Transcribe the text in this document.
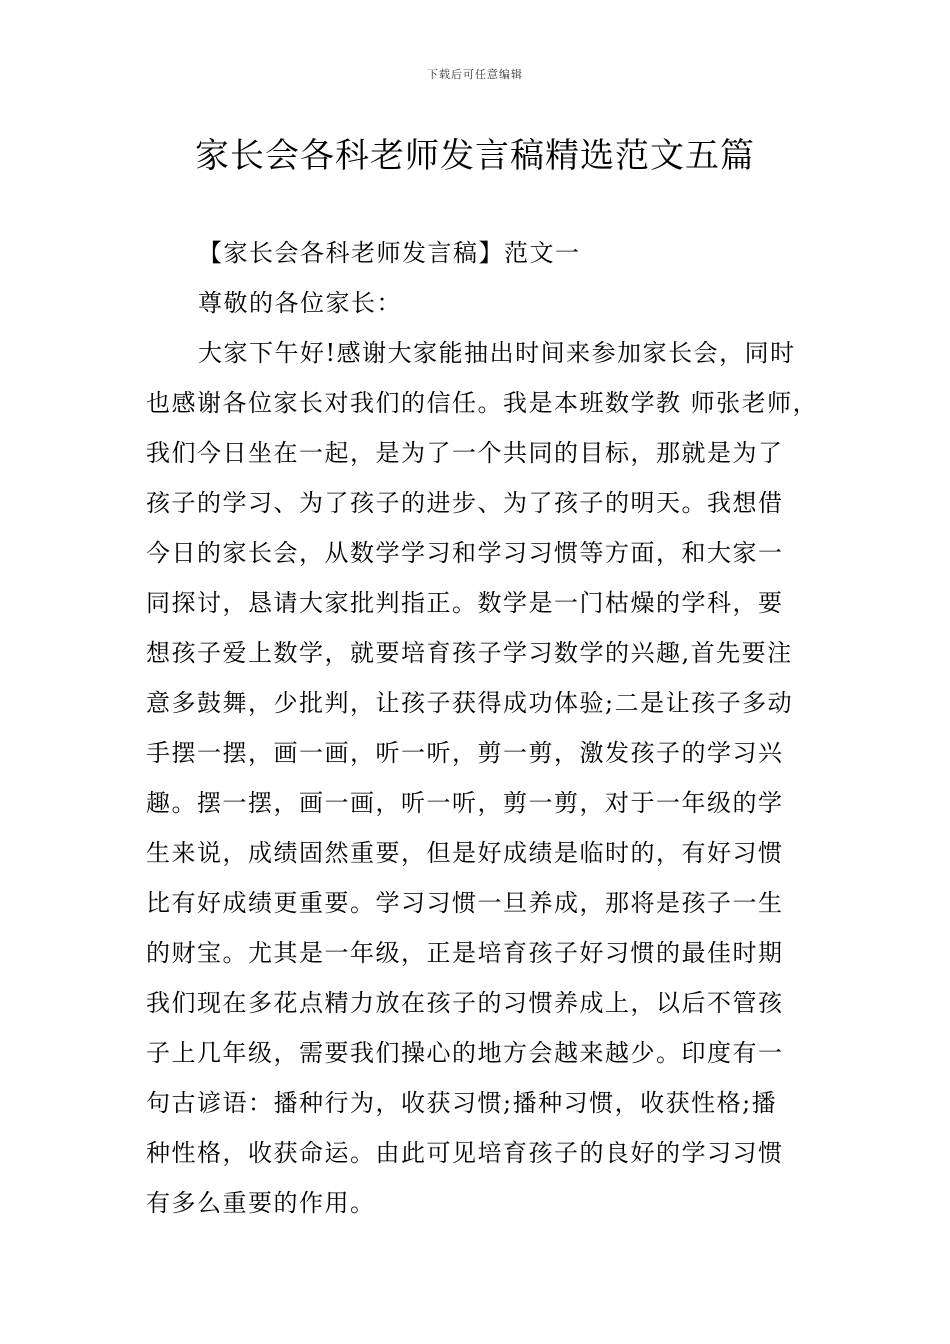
下载后可任意编辑
家长会各科老师发言稿精选范文五篇
【家长会各科老师发言稿】范文一
尊敬的各位家长：
大家下午好!感谢大家能抽出时间来参加家长会，同时
也感谢各位家长对我们的信任。我是本班数学教 师张老师，
我们今日坐在一起，是为了一个共同的目标，那就是为了
孩子的学习、为了孩子的进步、为了孩子的明天。我想借
今日的家长会，从数学学习和学习习惯等方面，和大家一
同探讨，恳请大家批判指正。数学是一门枯燥的学科，要
想孩子爱上数学，就要培育孩子学习数学的兴趣,首先要注
意多鼓舞，少批判，让孩子获得成功体验;二是让孩子多动
手摆一摆，画一画，听一听，剪一剪，激发孩子的学习兴
趣。摆一摆，画一画，听一听，剪一剪，对于一年级的学
生来说，成绩固然重要，但是好成绩是临时的，有好习惯
比有好成绩更重要。学习习惯一旦养成，那将是孩子一生
的财宝。尤其是一年级，正是培育孩子好习惯的最佳时期
我们现在多花点精力放在孩子的习惯养成上，以后不管孩
子上几年级，需要我们操心的地方会越来越少。印度有一
句古谚语：播种行为，收获习惯;播种习惯，收获性格;播
种性格，收获命运。由此可见培育孩子的良好的学习习惯
有多么重要的作用。
